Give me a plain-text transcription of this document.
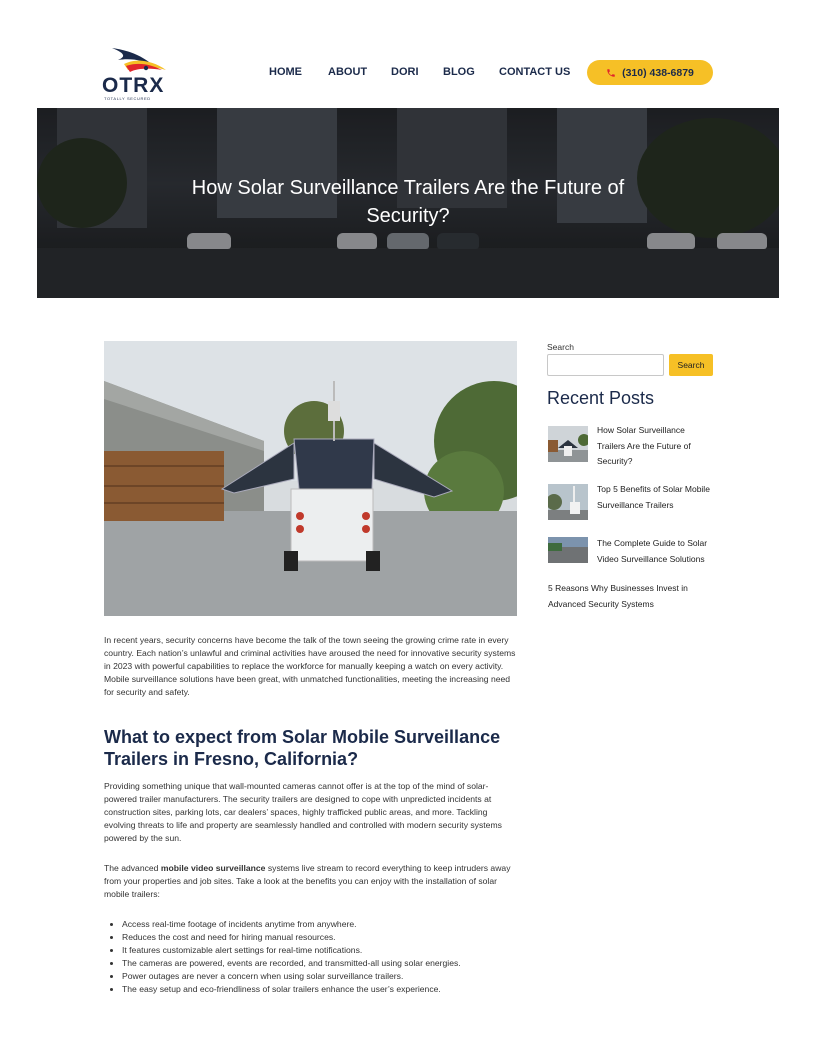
OTRX
TOTALLY SECURED
HOME ABOUT DORI BLOG CONTACT US	(310) 438-6879
How Solar Surveillance Trailers Are the Future of Security?

In recent years, security concerns have become the talk of the town seeing the growing crime rate in every country. Each nation’s unlawful and criminal activities have aroused the need for innovative security systems in 2023 with powerful capabilities to replace the workforce for manually keeping a watch on every activity. Mobile surveillance solutions have been great, with unmatched functionalities, meeting the increasing need for security and safety.

What to expect from Solar Mobile Surveillance Trailers in Fresno, California?

Providing something unique that wall-mounted cameras cannot offer is at the top of the mind of solar-powered trailer manufacturers. The security trailers are designed to cope with unpredicted incidents at construction sites, parking lots, car dealers’ spaces, highly trafficked public areas, and more. Tackling evolving threats to life and property are seamlessly handled and controlled with modern security systems powered by the sun.

The advanced mobile video surveillance systems live stream to record everything to keep intruders away from your properties and job sites. Take a look at the benefits you can enjoy with the installation of solar mobile trailers:

• Access real-time footage of incidents anytime from anywhere.
• Reduces the cost and need for hiring manual resources.
• It features customizable alert settings for real-time notifications.
• The cameras are powered, events are recorded, and transmitted-all using solar energies.
• Power outages are never a concern when using solar surveillance trailers.
• The easy setup and eco-friendliness of solar trailers enhance the user’s experience.
Search
Search
Recent Posts
How Solar Surveillance Trailers Are the Future of Security?
Top 5 Benefits of Solar Mobile Surveillance Trailers
The Complete Guide to Solar Video Surveillance Solutions
5 Reasons Why Businesses Invest in Advanced Security Systems
